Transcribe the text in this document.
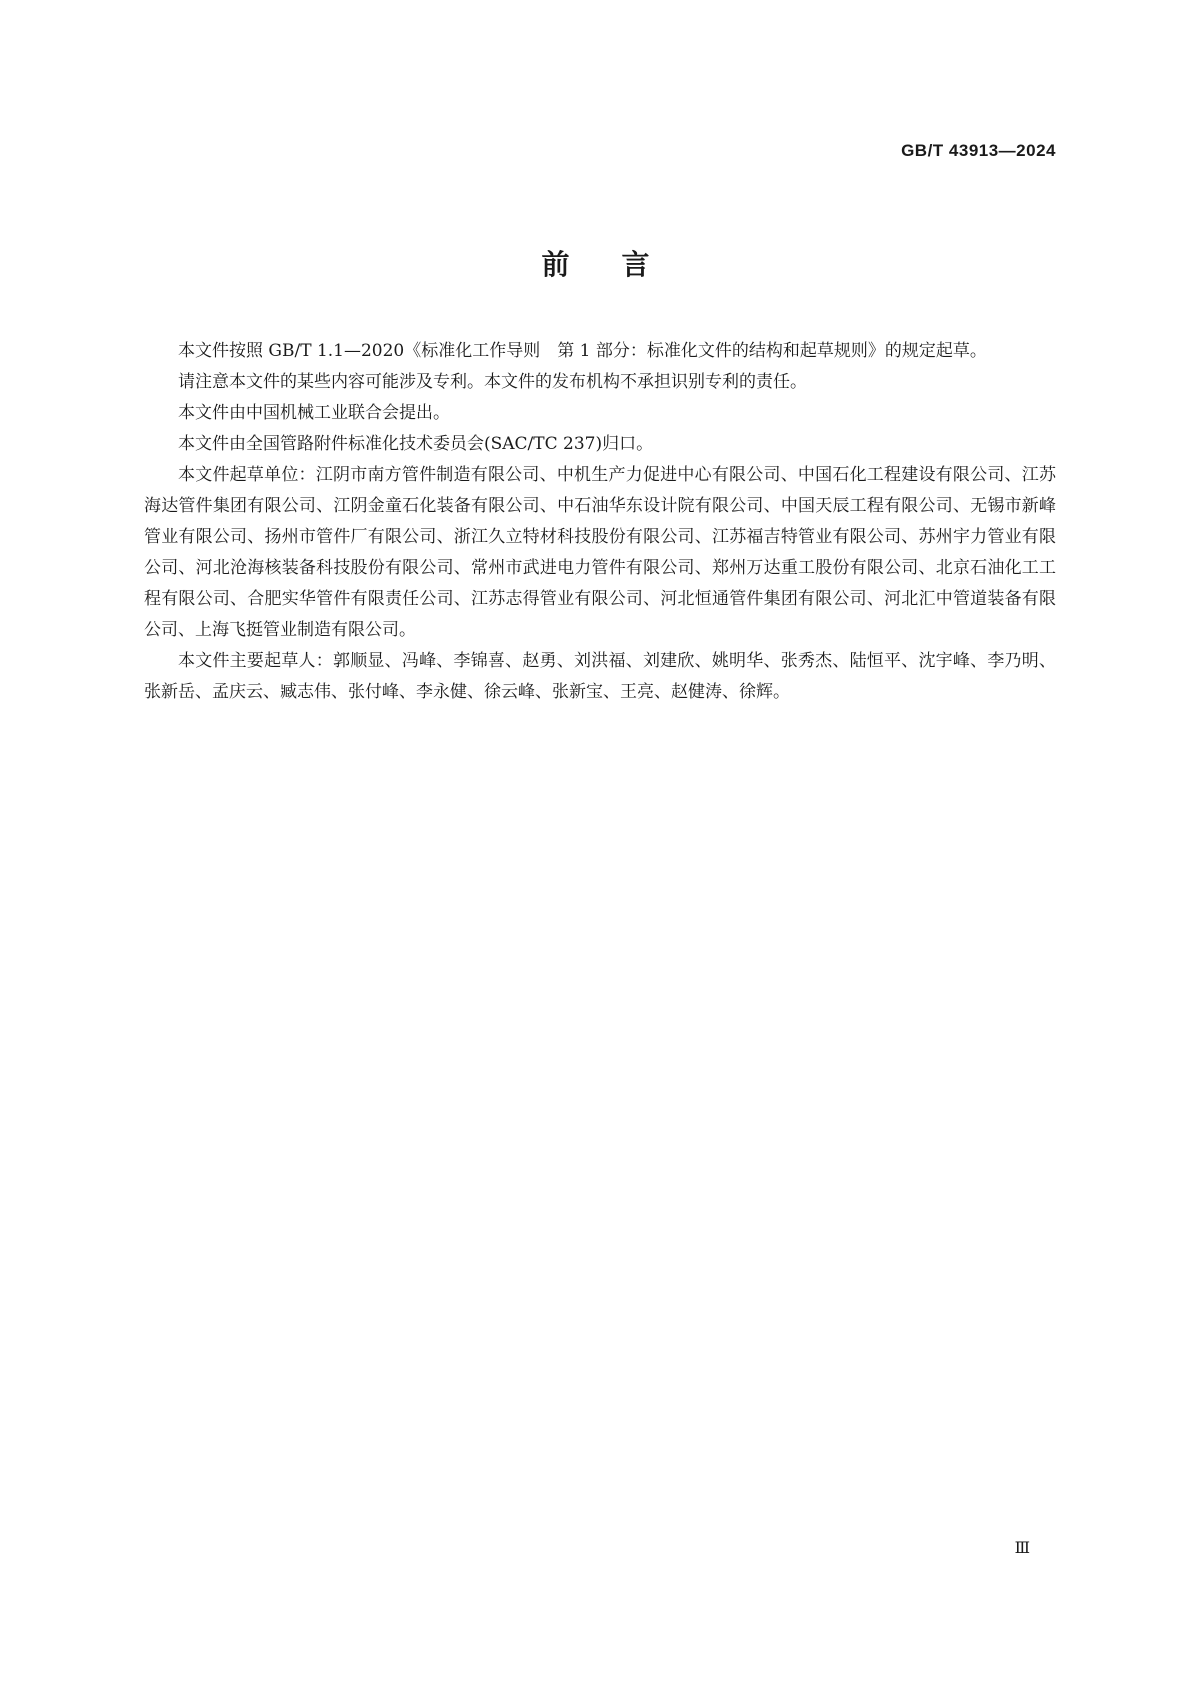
GB/T 43913—2024
前言

本文件按照 GB/T 1.1—2020《标准化工作导则　第 1 部分：标准化文件的结构和起草规则》的规定起草。

请注意本文件的某些内容可能涉及专利。本文件的发布机构不承担识别专利的责任。

本文件由中国机械工业联合会提出。

本文件由全国管路附件标准化技术委员会(SAC/TC 237)归口。

本文件起草单位：江阴市南方管件制造有限公司、中机生产力促进中心有限公司、中国石化工程建设有限公司、江苏海达管件集团有限公司、江阴金童石化装备有限公司、中石油华东设计院有限公司、中国天辰工程有限公司、无锡市新峰管业有限公司、扬州市管件厂有限公司、浙江久立特材科技股份有限公司、江苏福吉特管业有限公司、苏州宇力管业有限公司、河北沧海核装备科技股份有限公司、常州市武进电力管件有限公司、郑州万达重工股份有限公司、北京石油化工工程有限公司、合肥实华管件有限责任公司、江苏志得管业有限公司、河北恒通管件集团有限公司、河北汇中管道装备有限公司、上海飞挺管业制造有限公司。

本文件主要起草人：郭顺显、冯峰、李锦喜、赵勇、刘洪福、刘建欣、姚明华、张秀杰、陆恒平、沈宇峰、李乃明、张新岳、孟庆云、臧志伟、张付峰、李永健、徐云峰、张新宝、王亮、赵健涛、徐辉。

Ⅲ
